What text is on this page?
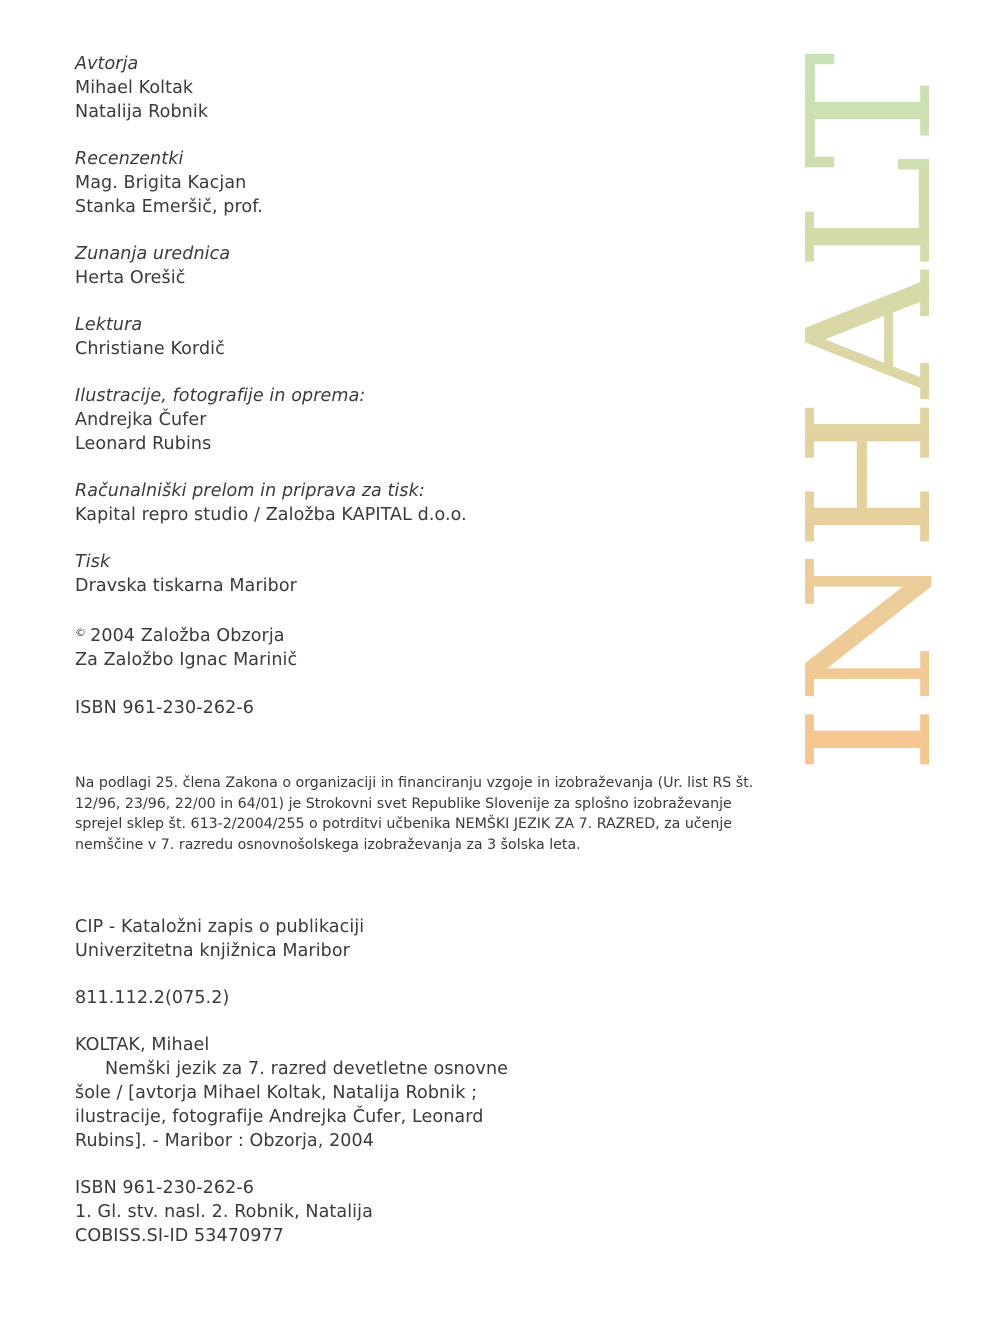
Avtorja
Mihael Koltak
Natalija Robnik
Recenzentki
Mag. Brigita Kacjan
Stanka Emeršič, prof.
Zunanja urednica
Herta Orešič
Lektura
Christiane Kordič
Ilustracije, fotografije in oprema:
Andrejka Čufer
Leonard Rubins
Računalniški prelom in priprava za tisk:
Kapital repro studio / Založba KAPITAL d.o.o.
Tisk
Dravska tiskarna Maribor
© 2004 Založba Obzorja
Za Založbo Ignac Marinič
ISBN 961-230-262-6
Na podlagi 25. člena Zakona o organizaciji in financiranju vzgoje in izobraževanja (Ur. list RS št. 12/96, 23/96, 22/00 in 64/01) je Strokovni svet Republike Slovenije za splošno izobraževanje sprejel sklep št. 613-2/2004/255 o potrditvi učbenika NEMŠKI JEZIK ZA 7. RAZRED, za učenje nemščine v 7. razredu osnovnošolskega izobraževanja za 3 šolska leta.
CIP - Kataložni zapis o publikaciji
Univerzitetna knjižnica Maribor
811.112.2(075.2)
KOLTAK, Mihael
Nemški jezik za 7. razred devetletne osnovne
šole / [avtorja Mihael Koltak, Natalija Robnik ;
ilustracije, fotografije Andrejka Čufer, Leonard
Rubins]. - Maribor : Obzorja, 2004
ISBN 961-230-262-6
1. Gl. stv. nasl. 2. Robnik, Natalija
COBISS.SI-ID 53470977
INHALT
